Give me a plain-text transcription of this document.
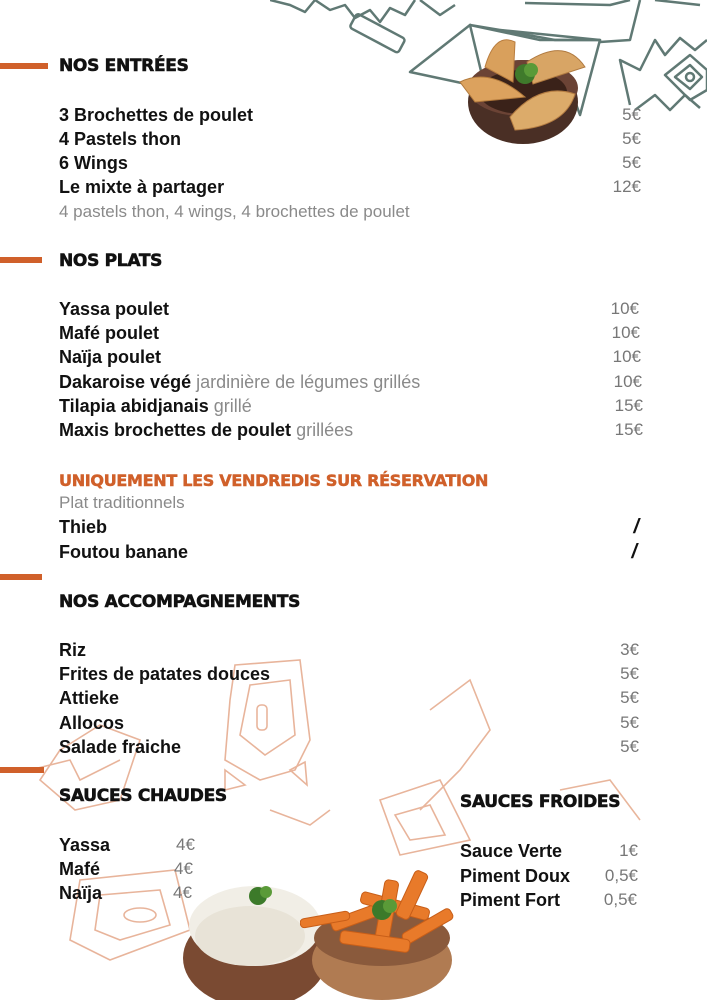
NOS ENTRÉES
3 Brochettes de poulet	5€
4 Pastels thon	5€
6 Wings	5€
Le mixte à partager	12€
4 pastels thon, 4 wings, 4 brochettes de poulet
NOS PLATS
Yassa poulet	10€
Mafé poulet	10€
Naïja poulet	10€
Dakaroise végé jardinière de légumes grillés	10€
Tilapia abidjanais grillé	15€
Maxis brochettes de poulet grillées	15€
UNIQUEMENT LES VENDREDIS SUR RÉSERVATION
Plat traditionnels
Thieb	/
Foutou banane	/
NOS ACCOMPAGNEMENTS
Riz	3€
Frites de patates douces	5€
Attieke	5€
Allocos	5€
Salade fraiche	5€
SAUCES CHAUDES
Yassa	4€
Mafé	4€
Naïja	4€
SAUCES FROIDES
Sauce Verte	1€
Piment Doux 0,5€
Piment Fort	0,5€
